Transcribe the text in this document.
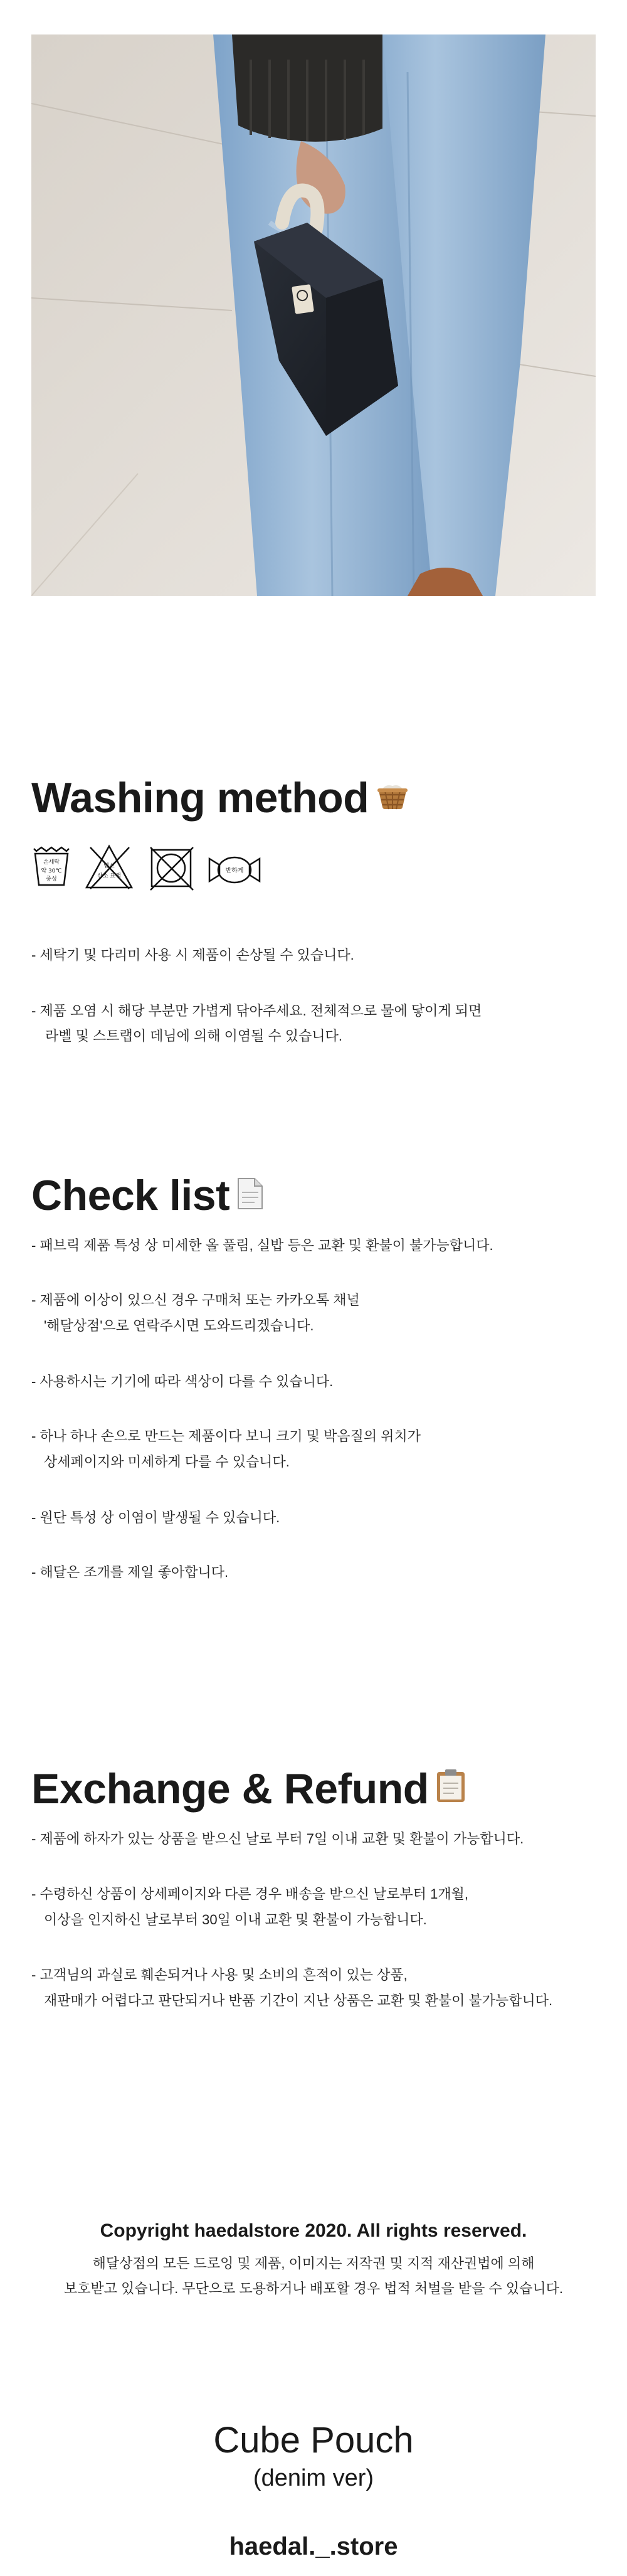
Washing method
손세탁
약 30℃
중성
염소
산소 표백
반하게

- 세탁기 및 다리미 사용 시 제품이 손상될 수 있습니다.

- 제품 오염 시 해당 부분만 가볍게 닦아주세요. 전체적으로 물에 닿이게 되면

라벨 및 스트랩이 데님에 의해 이염될 수 있습니다.

Check list
- 패브릭 제품 특성 상 미세한 올 풀림, 실밥 등은 교환 및 환불이 불가능합니다.
- 제품에 이상이 있으신 경우 구매처 또는 카카오톡 채널
'해달상점'으로 연락주시면 도와드리겠습니다.
- 사용하시는 기기에 따라 색상이 다를 수 있습니다.
- 하나 하나 손으로 만드는 제품이다 보니 크기 및 박음질의 위치가
상세페이지와 미세하게 다를 수 있습니다.
- 원단 특성 상 이염이 발생될 수 있습니다.
- 해달은 조개를 제일 좋아합니다.
Exchange & Refund
- 제품에 하자가 있는 상품을 받으신 날로 부터 7일 이내 교환 및 환불이 가능합니다.
- 수령하신 상품이 상세페이지와 다른 경우 배송을 받으신 날로부터 1개월,
이상을 인지하신 날로부터 30일 이내 교환 및 환불이 가능합니다.
- 고객님의 과실로 훼손되거나 사용 및 소비의 흔적이 있는 상품,
재판매가 어렵다고 판단되거나 반품 기간이 지난 상품은 교환 및 환불이 불가능합니다.
Copyright haedalstore 2020. All rights reserved.
해달상점의 모든 드로잉 및 제품, 이미지는 저작권 및 지적 재산권법에 의해
보호받고 있습니다. 무단으로 도용하거나 배포할 경우 법적 처벌을 받을 수 있습니다.
Cube Pouch
(denim ver)
haedal._.store
